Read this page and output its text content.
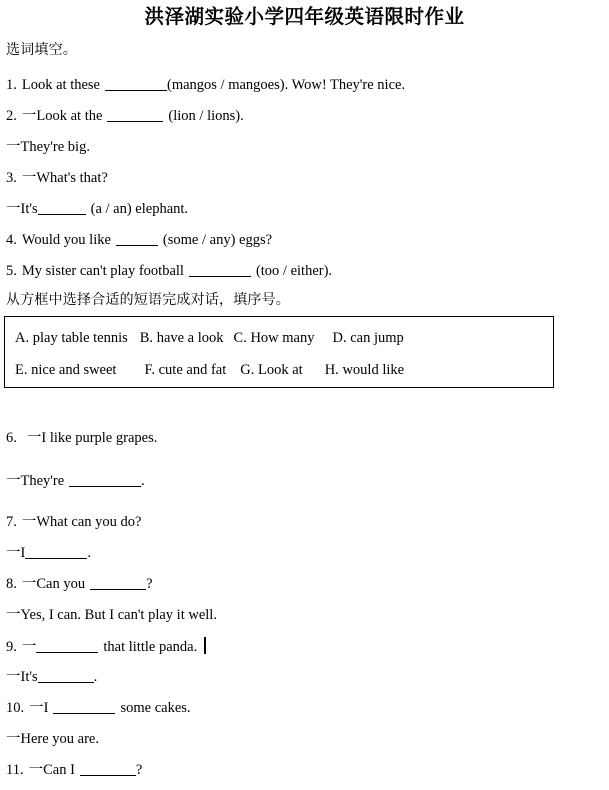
洪泽湖实验小学四年级英语限时作业
选词填空。
1. Look at these	(mangos / mangoes). Wow! They're nice.
2. 一Look at the	(lion / lions).
一They're big.
3. 一What's that?
一It's	(a / an) elephant.
4. Would you like	(some / any) eggs?
5. My sister can't play football	(too / either).
从方框中选择合适的短语完成对话，填序号。
A. play table tennis B. have a look C. How many D. can jump
E. nice and sweet F. cute and fat G. Look at H. would like
6. 一I like purple grapes.
一They're	.
7. 一What can you do?
一I	.
8. 一Can you	?
一Yes, I can. But I can't play it well.
9. 一	that little panda.
一It's	.
10. 一I	some cakes.
一Here you are.
11. 一Can I	?
